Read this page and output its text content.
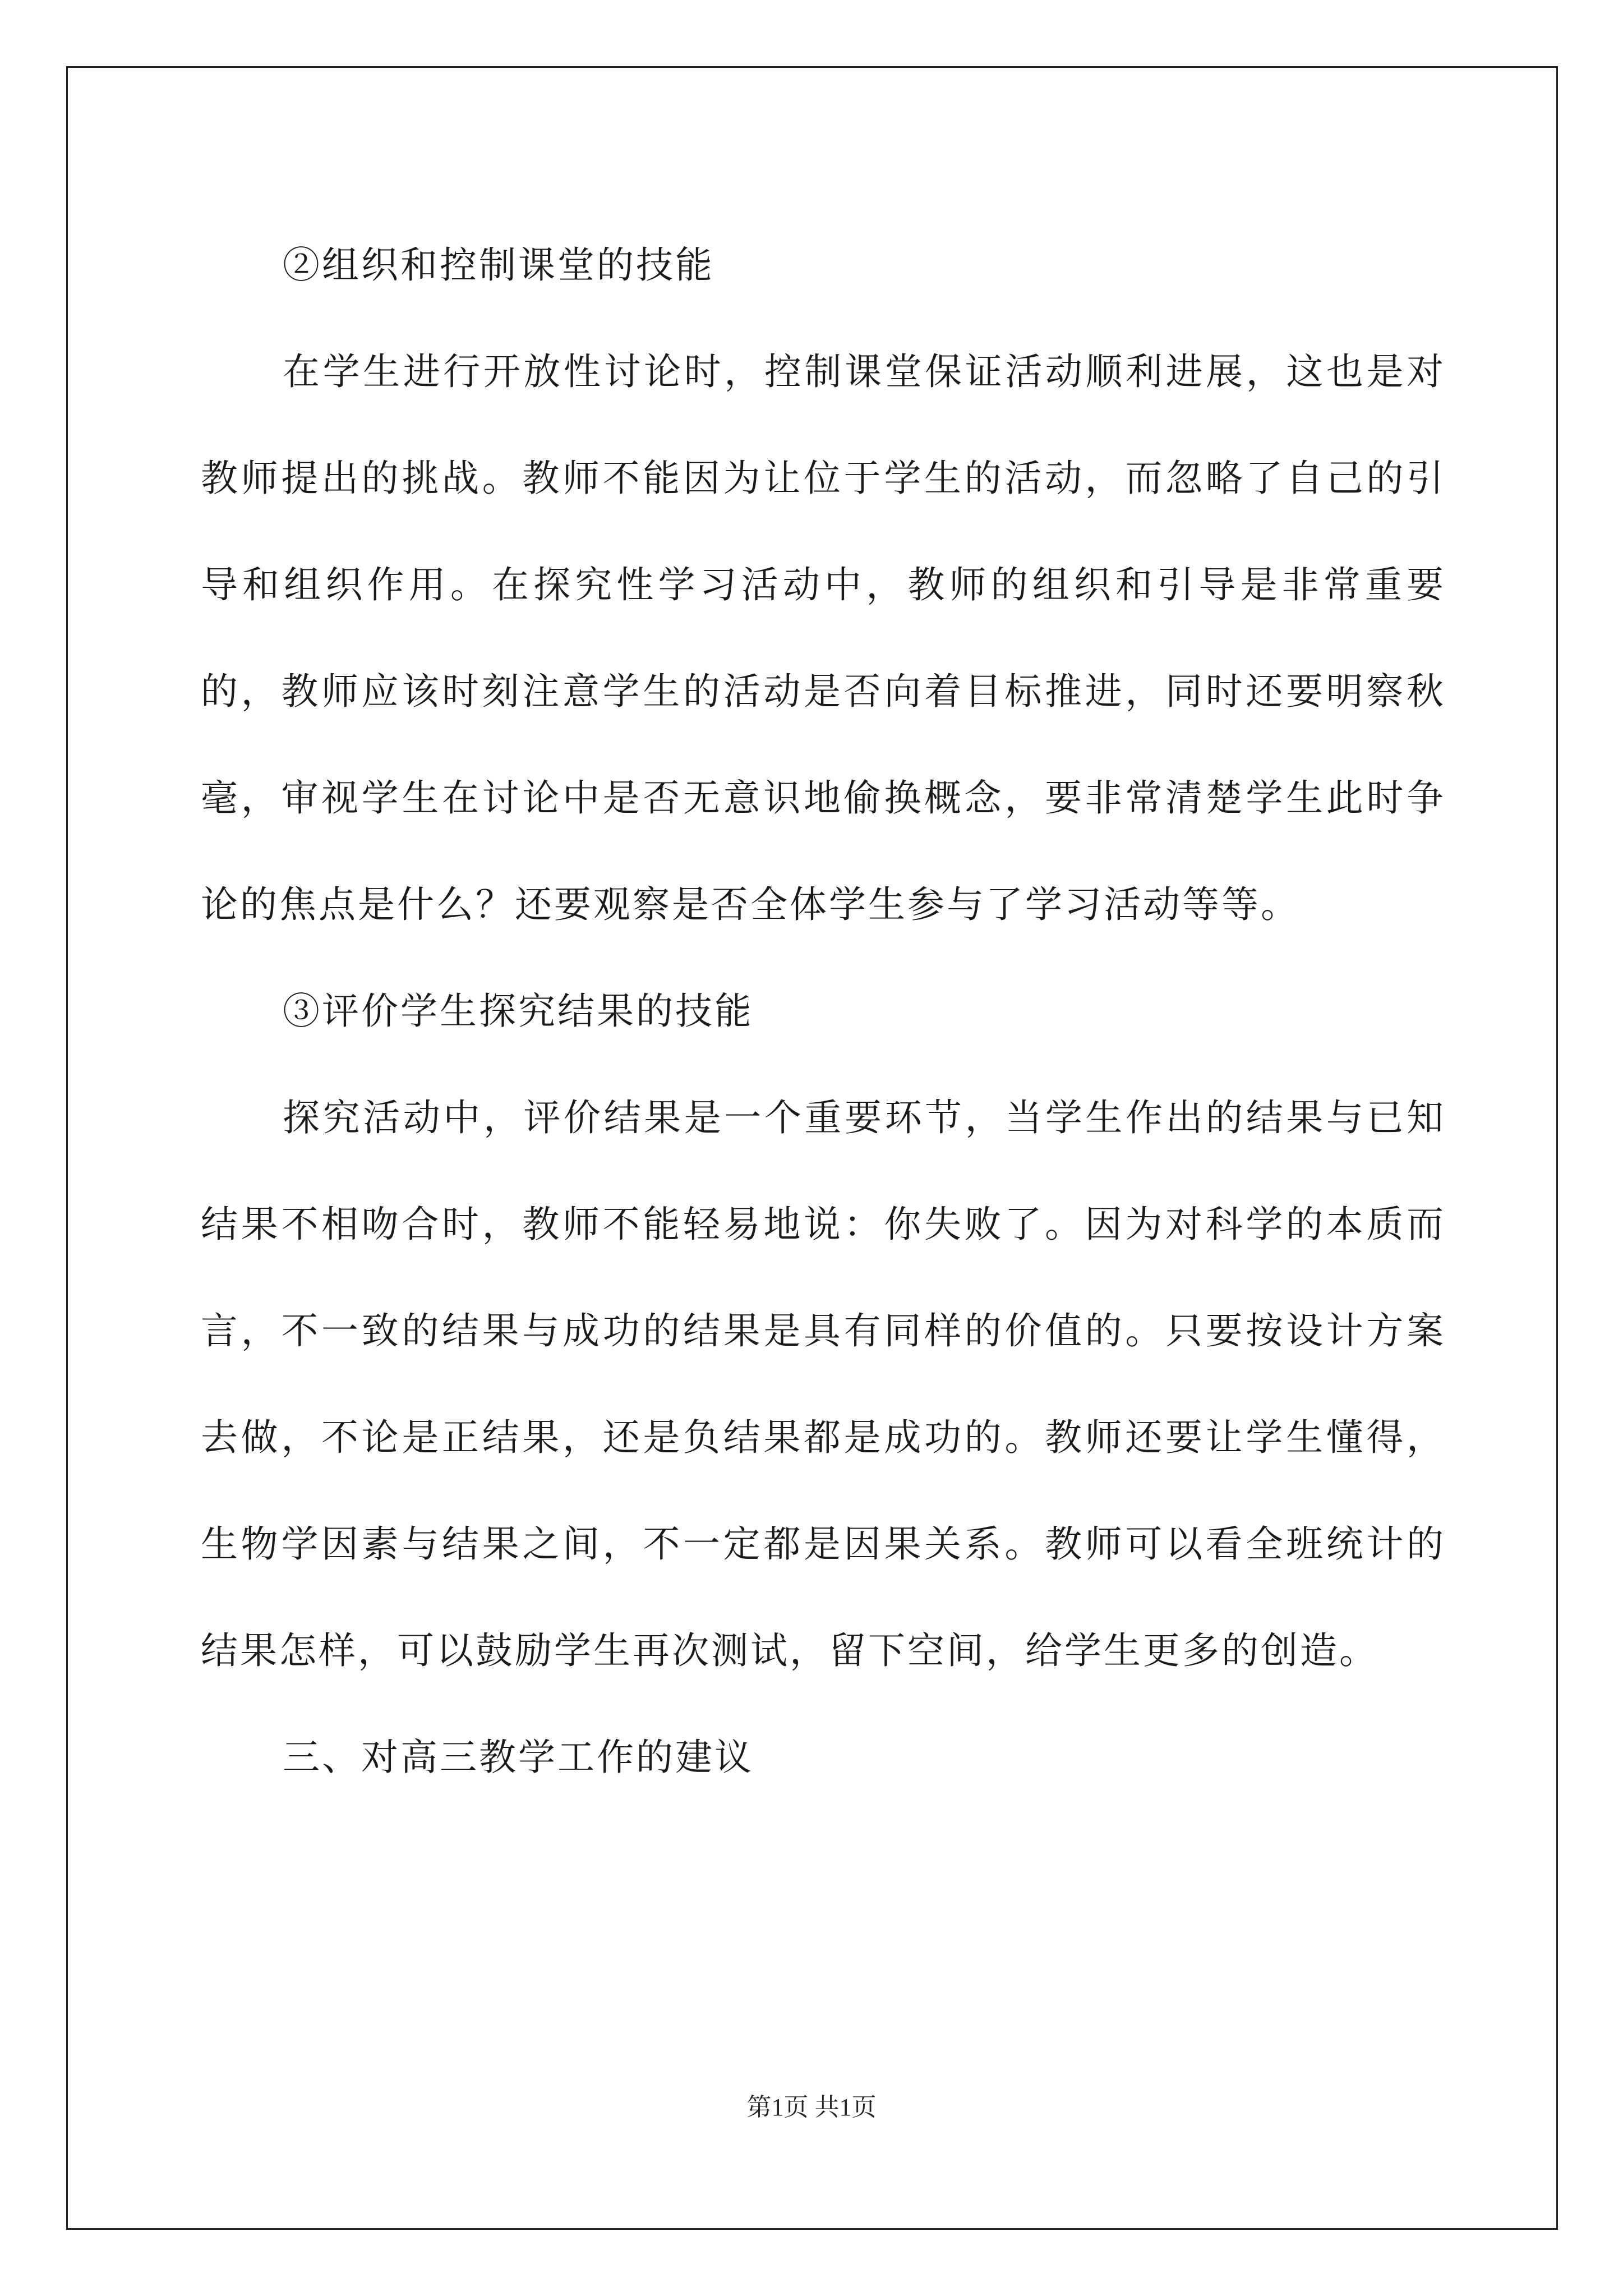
②组织和控制课堂的技能

在学生进行开放性讨论时，控制课堂保证活动顺利进展，这也是对教师提出的挑战。教师不能因为让位于学生的活动，而忽略了自己的引导和组织作用。在探究性学习活动中，教师的组织和引导是非常重要的，教师应该时刻注意学生的活动是否向着目标推进，同时还要明察秋毫，审视学生在讨论中是否无意识地偷换概念，要非常清楚学生此时争论的焦点是什么？还要观察是否全体学生参与了学习活动等等。

③评价学生探究结果的技能

探究活动中，评价结果是一个重要环节，当学生作出的结果与已知结果不相吻合时，教师不能轻易地说：你失败了。因为对科学的本质而言，不一致的结果与成功的结果是具有同样的价值的。只要按设计方案去做，不论是正结果，还是负结果都是成功的。教师还要让学生懂得，生物学因素与结果之间，不一定都是因果关系。教师可以看全班统计的结果怎样，可以鼓励学生再次测试，留下空间，给学生更多的创造。

三、对高三教学工作的建议

第1页 共1页
